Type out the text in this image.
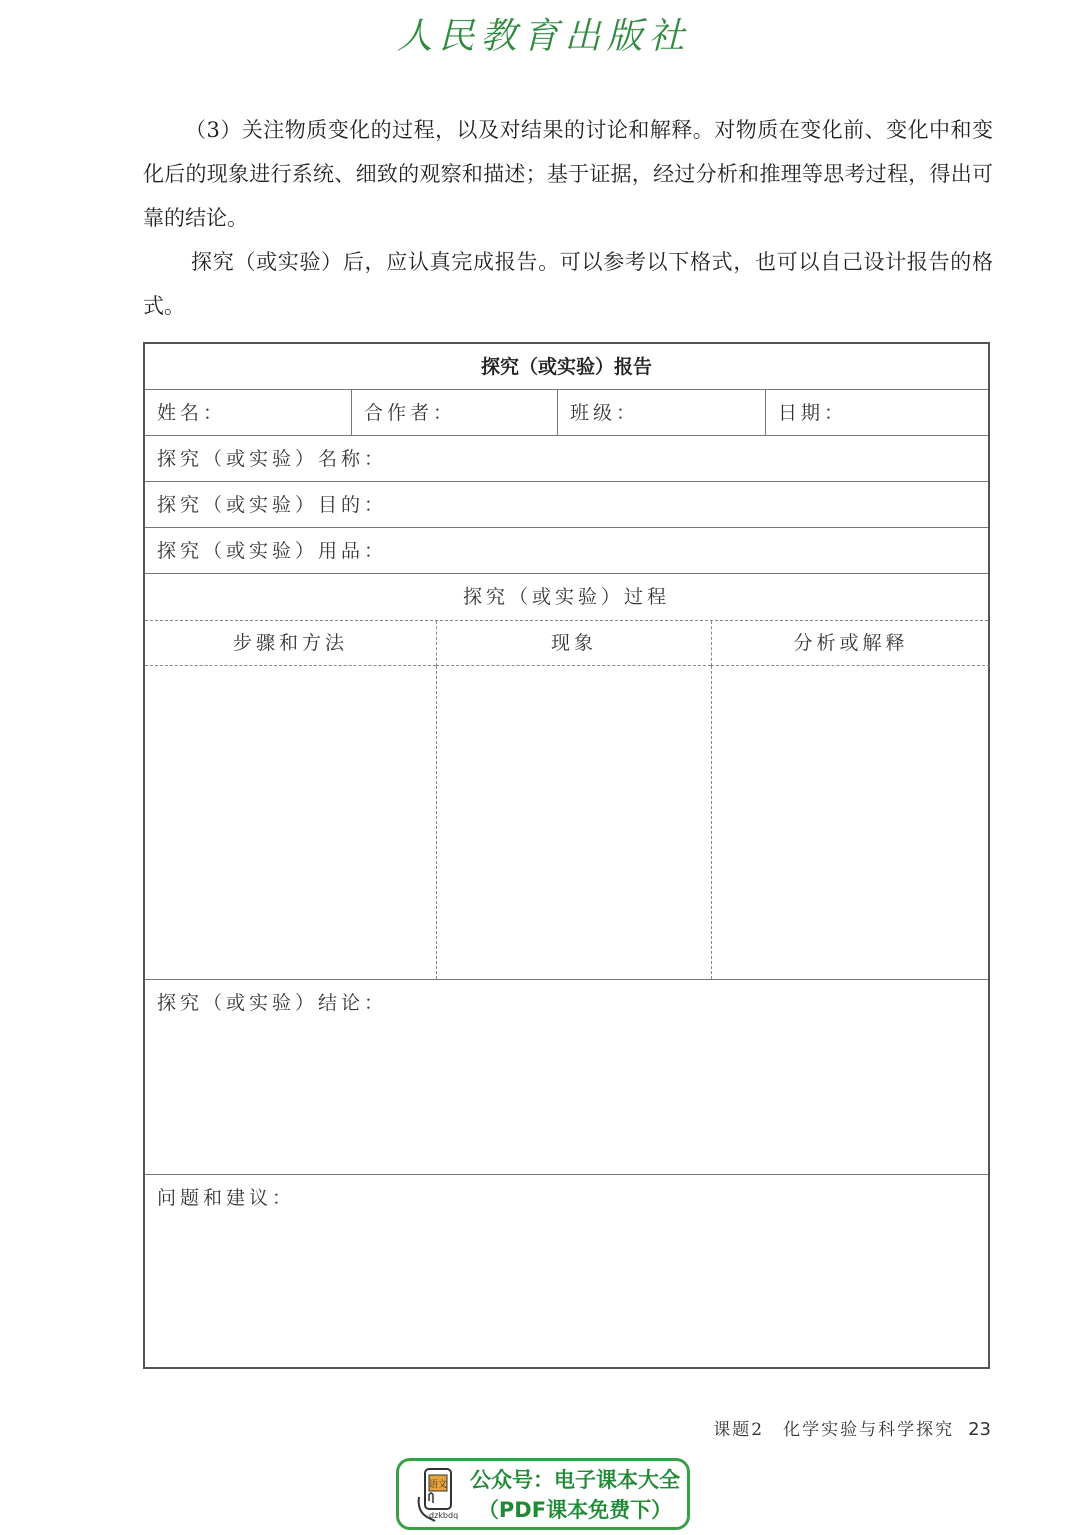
人民教育出版社
（3）关注物质变化的过程，以及对结果的讨论和解释。对物质在变化前、变化中和变化后的现象进行系统、细致的观察和描述；基于证据，经过分析和推理等思考过程，得出可靠的结论。
探究（或实验）后，应认真完成报告。可以参考以下格式，也可以自己设计报告的格式。
探究（或实验）报告
姓名：	合作者：	班级：	日期：
探究（或实验）名称：
探究（或实验）目的：
探究（或实验）用品：
探究（或实验）过程
步骤和方法	现象	分析或解释
探究（或实验）结论：
问题和建议：
课题2　化学实验与科学探究 23
语文
dzkbdq
公众号：电子课本大全
（PDF课本免费下）
